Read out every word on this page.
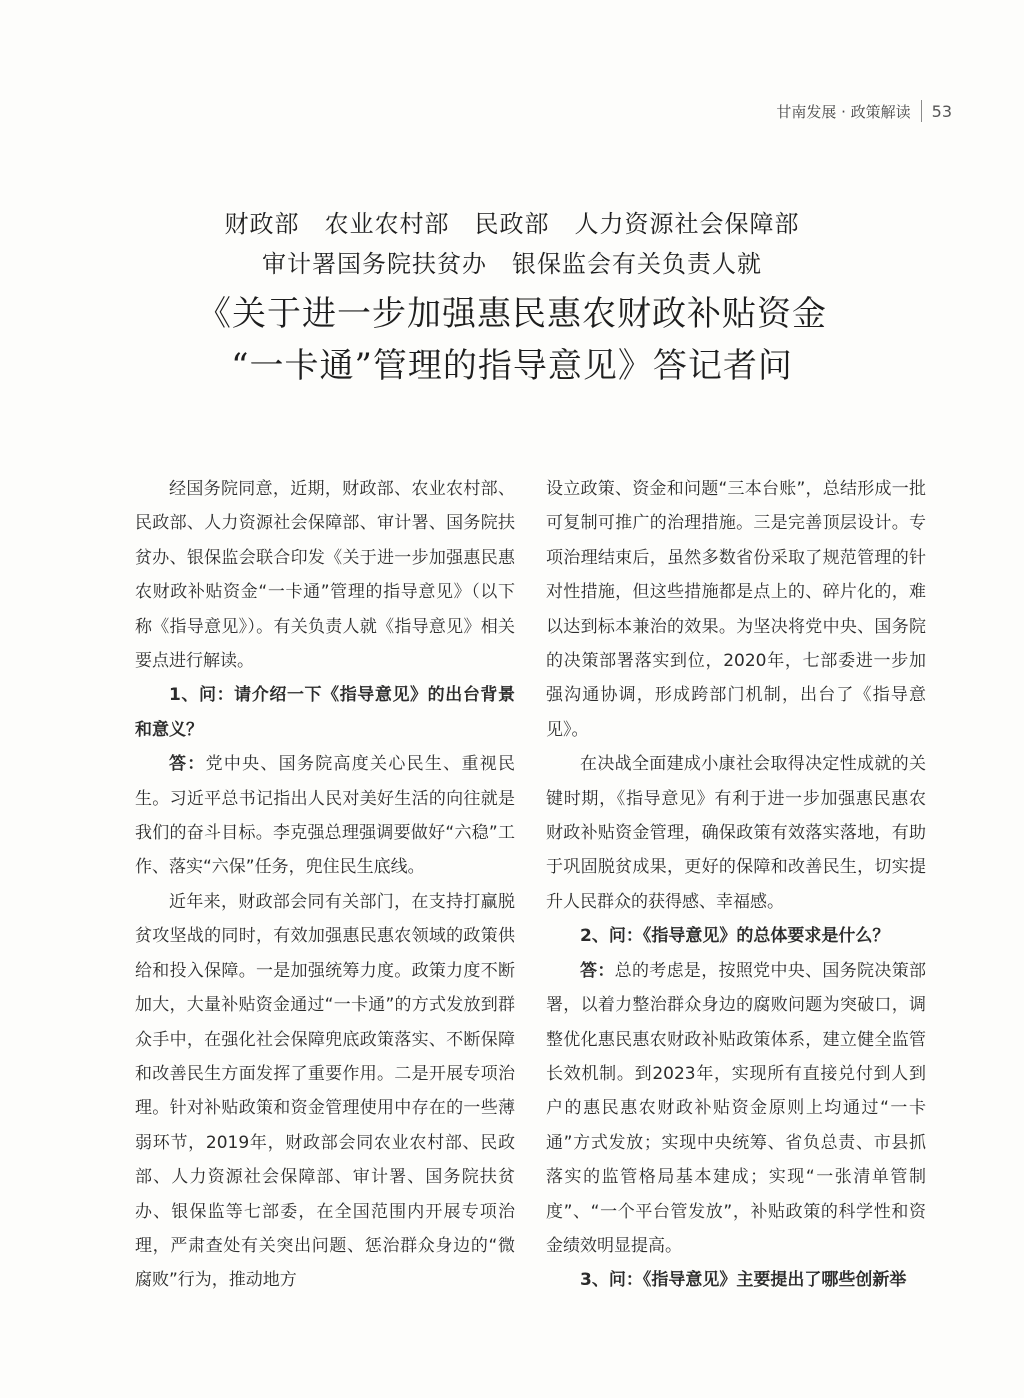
甘南发展 · 政策解读 53
财政部　农业农村部　民政部　人力资源社会保障部
审计署国务院扶贫办　银保监会有关负责人就
《关于进一步加强惠民惠农财政补贴资金
“一卡通”管理的指导意见》答记者问

经国务院同意，近期，财政部、农业农村部、民政部、人力资源社会保障部、审计署、国务院扶贫办、银保监会联合印发《关于进一步加强惠民惠农财政补贴资金“一卡通”管理的指导意见》（以下称《指导意见》）。有关负责人就《指导意见》相关要点进行解读。

1、问：请介绍一下《指导意见》的出台背景和意义？

答：党中央、国务院高度关心民生、重视民生。习近平总书记指出人民对美好生活的向往就是我们的奋斗目标。李克强总理强调要做好“六稳”工作、落实“六保”任务，兜住民生底线。

近年来，财政部会同有关部门，在支持打赢脱贫攻坚战的同时，有效加强惠民惠农领域的政策供给和投入保障。一是加强统筹力度。政策力度不断加大，大量补贴资金通过“一卡通”的方式发放到群众手中，在强化社会保障兜底政策落实、不断保障和改善民生方面发挥了重要作用。二是开展专项治理。针对补贴政策和资金管理使用中存在的一些薄弱环节，2019年，财政部会同农业农村部、民政部、人力资源社会保障部、审计署、国务院扶贫办、银保监等七部委，在全国范围内开展专项治理，严肃查处有关突出问题、惩治群众身边的“微腐败”行为，推动地方

设立政策、资金和问题“三本台账”，总结形成一批可复制可推广的治理措施。三是完善顶层设计。专项治理结束后，虽然多数省份采取了规范管理的针对性措施，但这些措施都是点上的、碎片化的，难以达到标本兼治的效果。为坚决将党中央、国务院的决策部署落实到位，2020年，七部委进一步加强沟通协调，形成跨部门机制，出台了《指导意见》。

在决战全面建成小康社会取得决定性成就的关键时期，《指导意见》有利于进一步加强惠民惠农财政补贴资金管理，确保政策有效落实落地，有助于巩固脱贫成果，更好的保障和改善民生，切实提升人民群众的获得感、幸福感。

2、问：《指导意见》的总体要求是什么？

答：总的考虑是，按照党中央、国务院决策部署，以着力整治群众身边的腐败问题为突破口，调整优化惠民惠农财政补贴政策体系，建立健全监管长效机制。到2023年，实现所有直接兑付到人到户的惠民惠农财政补贴资金原则上均通过“一卡通”方式发放；实现中央统筹、省负总责、市县抓落实的监管格局基本建成；实现“一张清单管制度”、“一个平台管发放”，补贴政策的科学性和资金绩效明显提高。

3、问：《指导意见》主要提出了哪些创新举
